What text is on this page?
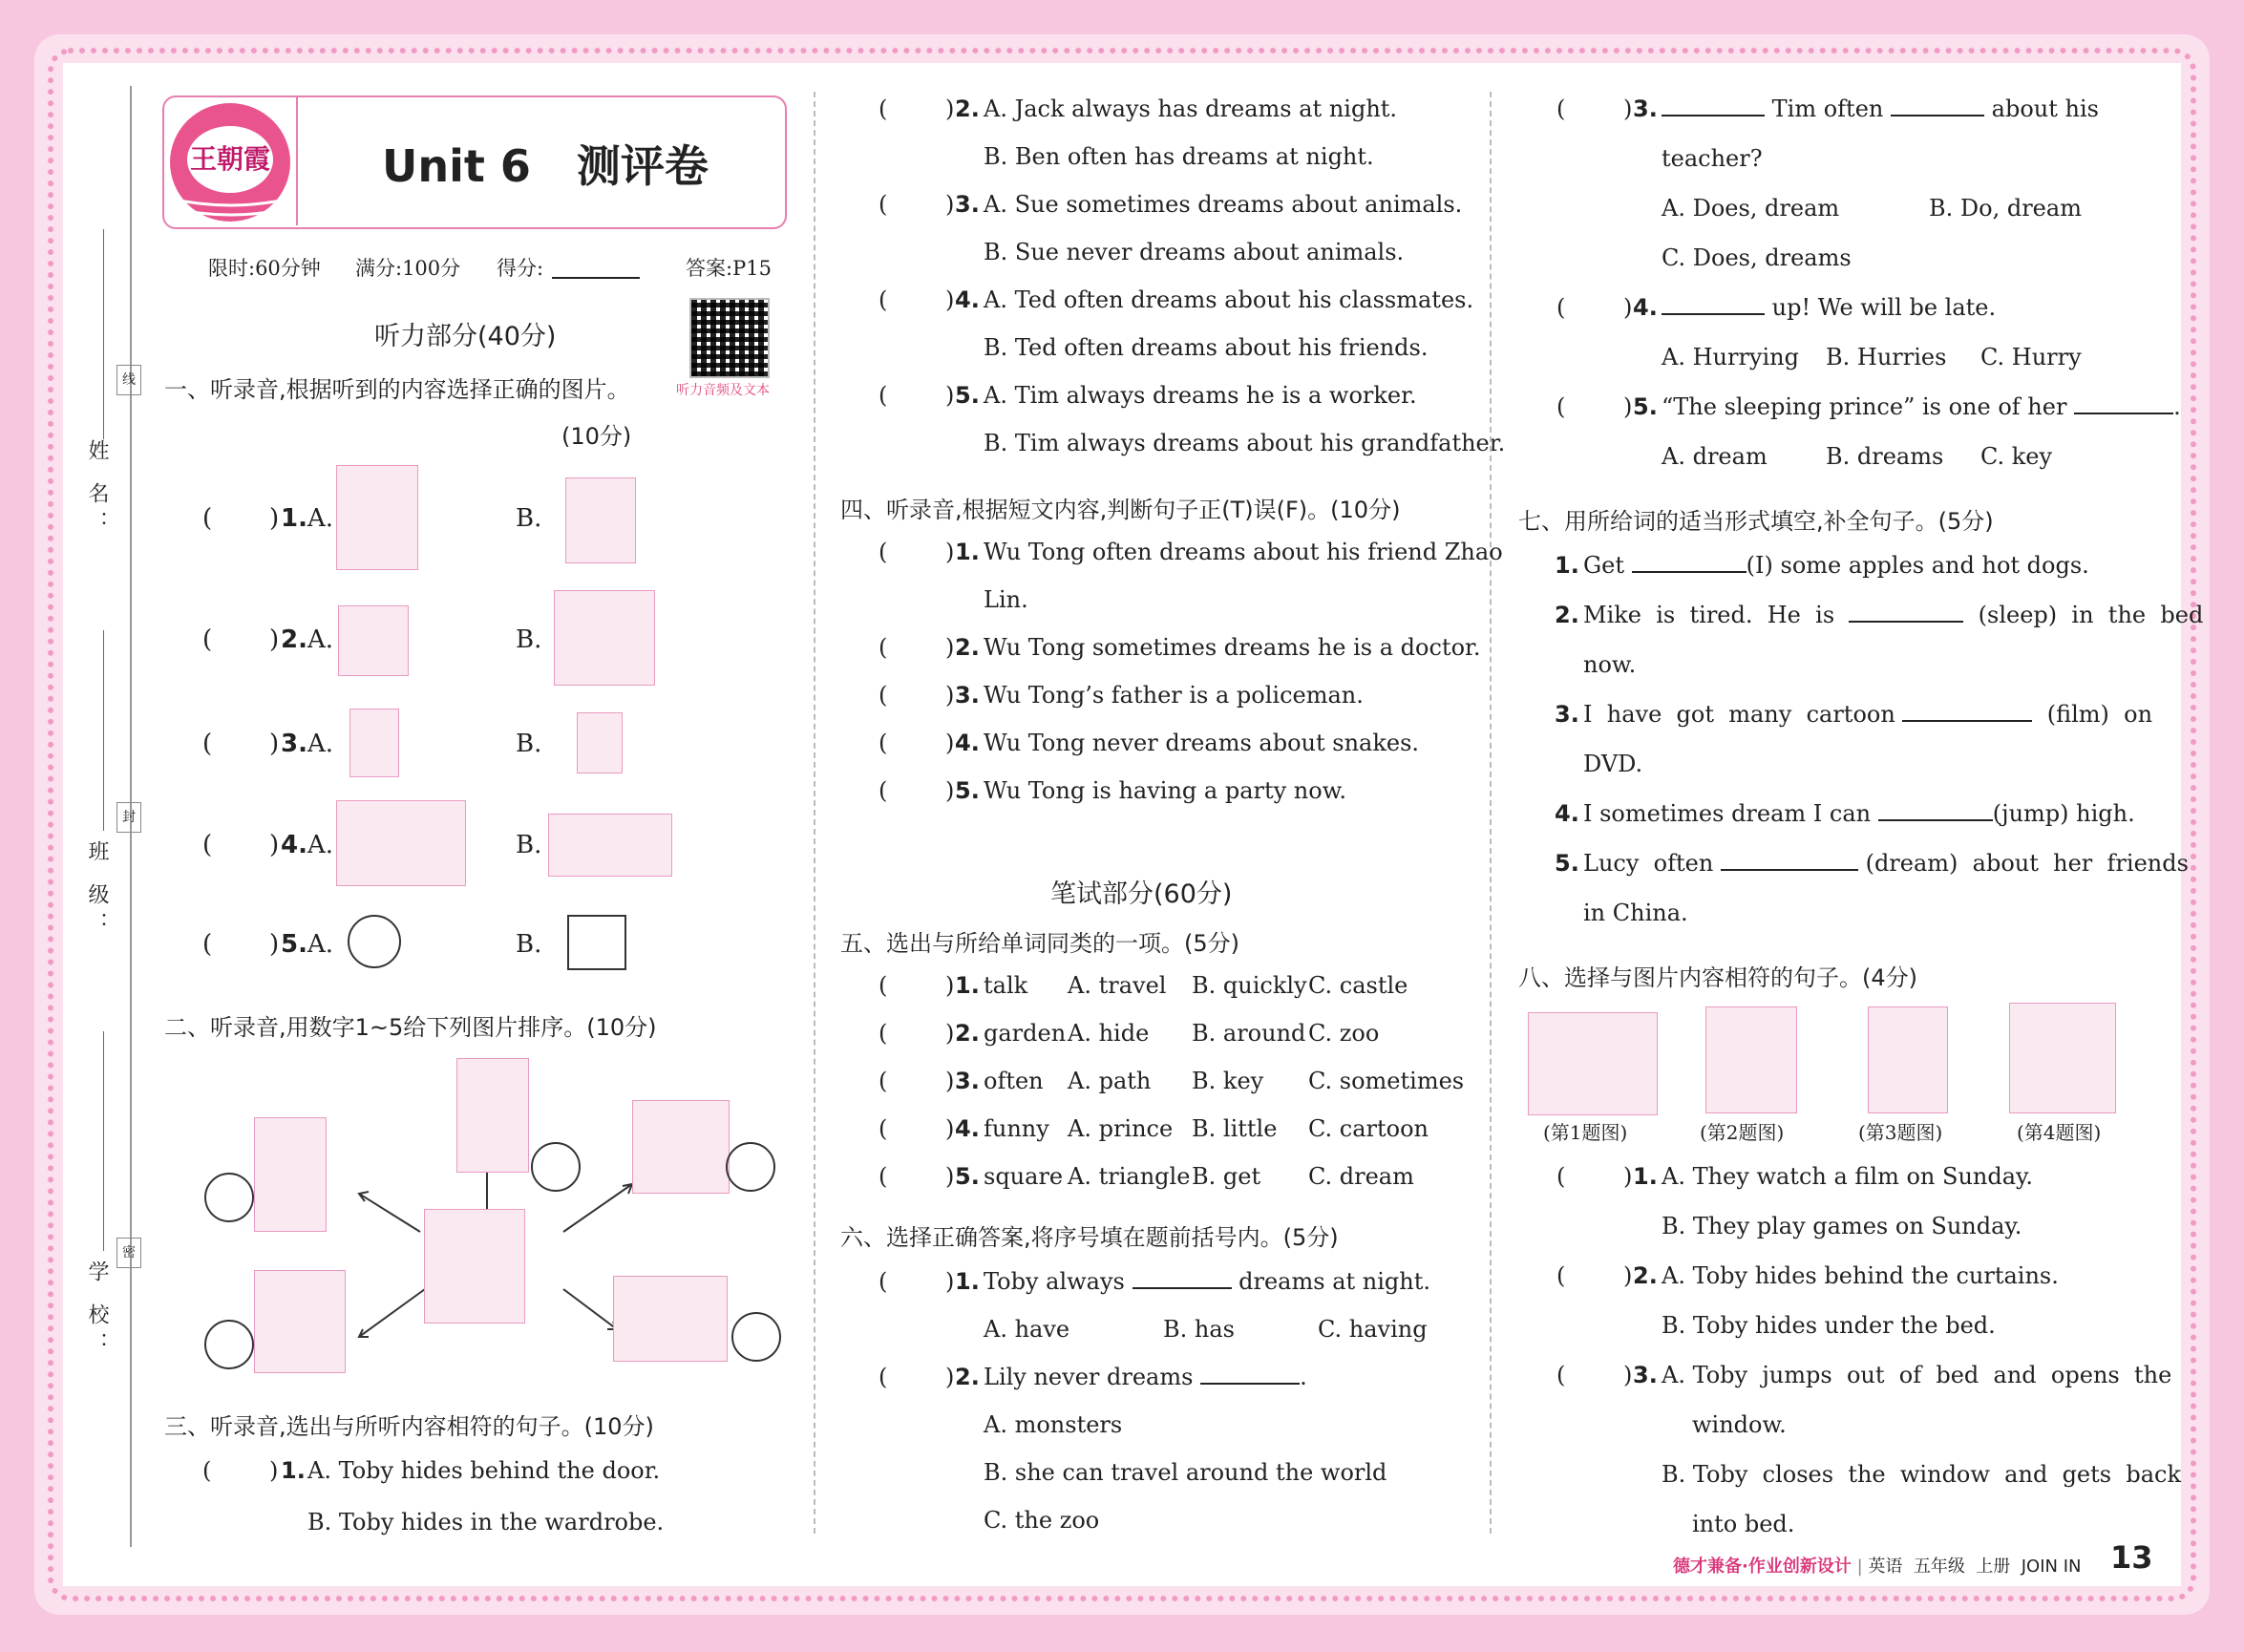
姓 名：
班 级：
学 校：
线
封
密
王朝霞	Unit 6   测评卷
限时:60分钟 满分:100分 得分:	答案:P15
听力部分(40分)
听力音频及文本
一、听录音,根据听到的内容选择正确的图片。
(10分)
( ) 1. A.	B.
( ) 2. A.	B.
( ) 3. A.	B.
( ) 4. A.	B.
( ) 5. A.	B.
二、听录音,用数字1~5给下列图片排序。(10分)
三、听录音,选出与所听内容相符的句子。(10分)
(	) 1. A. Toby hides behind the door.
B. Toby hides in the wardrobe.
(	) 2. A. Jack always has dreams at night.
B. Ben often has dreams at night.
(	) 3. A. Sue sometimes dreams about animals.
B. Sue never dreams about animals.
(	) 4. A. Ted often dreams about his classmates.
B. Ted often dreams about his friends.
(	) 5. A. Tim always dreams he is a worker.
B. Tim always dreams about his grandfather.
四、听录音,根据短文内容,判断句子正(T)误(F)。(10分)
(	) 1. Wu Tong often dreams about his friend Zhao
Lin.
(	) 2. Wu Tong sometimes dreams he is a doctor.
(	) 3. Wu Tong’s father is a policeman.
(	) 4. Wu Tong never dreams about snakes.
(	) 5. Wu Tong is having a party now.
笔试部分(60分)
五、选出与所给单词同类的一项。(5分)
(	) 1. talk A. travel B. quickly C. castle
(	) 2. garden A. hide B. around C. zoo
(	) 3. often A. path B. key C. sometimes
(	) 4. funny A. prince B. little C. cartoon
(	) 5. square A. triangle B. get C. dream
六、选择正确答案,将序号填在题前括号内。(5分)
(	) 1. Toby always	dreams at night.
A. have	B. has	C. having
(	) 2. Lily never dreams	.
A. monsters
B. she can travel around the world
C. the zoo
(	) 3.	Tim often	about his
teacher?
A. Does, dream	B. Do, dream
C. Does, dreams
(	) 4.	up! We will be late.
A. Hurrying B. Hurries C. Hurry
(	) 5. “The sleeping prince” is one of her	.
A. dream	B. dreams C. key
七、用所给词的适当形式填空,补全句子。(5分)
1. Get	(I) some apples and hot dogs.
2. Mike  is  tired.  He  is	(sleep)  in  the  bed
now.
3. I  have  got  many  cartoon	(film)  on
DVD.
4. I sometimes dream I can	(jump) high.
5. Lucy  often	(dream)  about  her  friends
in China.
八、选择与图片内容相符的句子。(4分)
(第1题图)	(第2题图)	(第3题图)	(第4题图)
(	) 1. A. They watch a film on Sunday.
B. They play games on Sunday.
(	) 2. A. Toby hides behind the curtains.
B. Toby hides under the bed.
(	) 3. A. Toby  jumps  out  of  bed  and  opens  the
window.
B. Toby  closes  the  window  and  gets  back
into bed.
德才兼备·作业创新设计 | 英语  五年级  上册  JOIN IN 13
